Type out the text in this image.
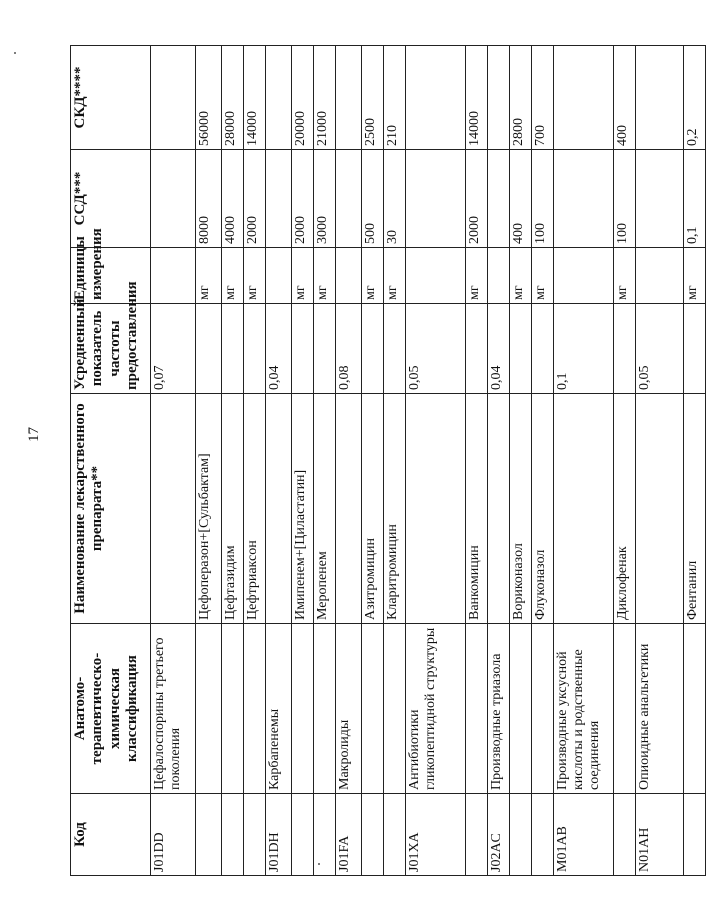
17
Код	Анатомо-терапевтическо-химическая классификация	Наименование лекарственного препарата**	Усредненный показатель частоты предоставления	Единицы измерения	ССД***	СКД****
J01DD	Цефалоспорины третьего поколения		0,07			
		Цефоперазон+[Сульбактам]		мг	8000	56000
		Цефтазидим		мг	4000	28000
		Цефтриаксон		мг	2000	14000
J01DH	Карбапенемы		0,04			
		Имипенем+[Циластатин]		мг	2000	20000
		Меропенем		мг	3000	21000
J01FA	Макролиды		0,08			
		Азитромицин		мг	500	2500
		Кларитромицин		мг	30	210
J01XA	Антибиотики гликопептидной структуры		0,05			
		Ванкомицин		мг	2000	14000
J02AC	Производные триазола		0,04			
		Вориконазол		мг	400	2800
		Флуконазол		мг	100	700
M01AB	Производные уксусной кислоты и родственные соединения		0,1			
		Диклофенак		мг	100	400
N01AH	Опиоидные анальгетики		0,05			
		Фентанил		мг	0,1	0,2
